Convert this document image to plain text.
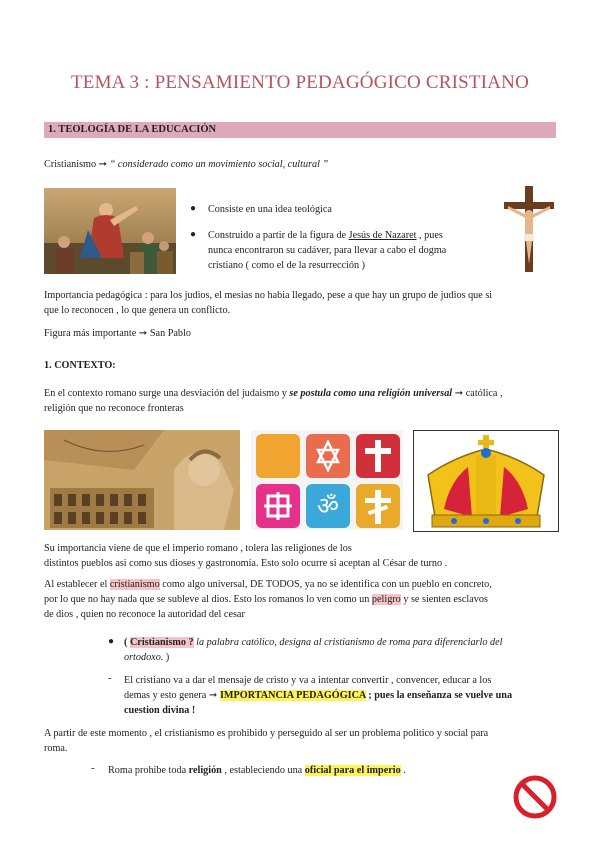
TEMA 3 : PENSAMIENTO PEDAGÓGICO CRISTIANO
1. TEOLOGÍA DE LA EDUCACIÓN
Cristianismo ➞ “ considerado como un movimiento social, cultural ”
● Consiste en una idea teológica
● Construido a partir de la figura de Jesús de Nazaret , pues
nunca encontraron su cadáver, para llevar a cabo el dogma
cristiano ( como el de la resurrección )
Importancia pedagógica : para los judios, el mesias no habia llegado, pese a que hay un grupo de judios que si
que lo reconocen , lo que genera un conflicto.
Figura más importante ➞ San Pablo
1. CONTEXTO:
En el contexto romano surge una desviación del judaismo y se postula como una religión universal ➞ católica ,
religión que no reconoce fronteras
ॐ
Su importancia viene de que el imperio romano , tolera las religiones de los
distintos pueblos asi como sus dioses y gastronomía. Esto solo ocurre si aceptan al César de turno .
Al establecer el cristianismo como algo universal, DE TODOS, ya no se identifica con un pueblo en concreto,
por lo que no hay nada que se subleve al dios. Esto los romanos lo ven como un peligro y se sienten esclavos
de dios , quien no reconoce la autoridad del cesar
● ( Cristianismo ? la palabra católico, designa al cristianismo de roma para diferenciarlo del
ortodoxo. )
- El cristiano va a dar el mensaje de cristo y va a intentar convertir , convencer, educar a los
demas y esto genera ➞ IMPORTANCIA PEDAGÓGICA ; pues la enseñanza se vuelve una
cuestion divina !
A partir de este momento , el cristianismo es prohibido y perseguido al ser un problema politico y social para
roma.
- Roma prohibe toda religión , estableciendo una oficial para el imperio .
